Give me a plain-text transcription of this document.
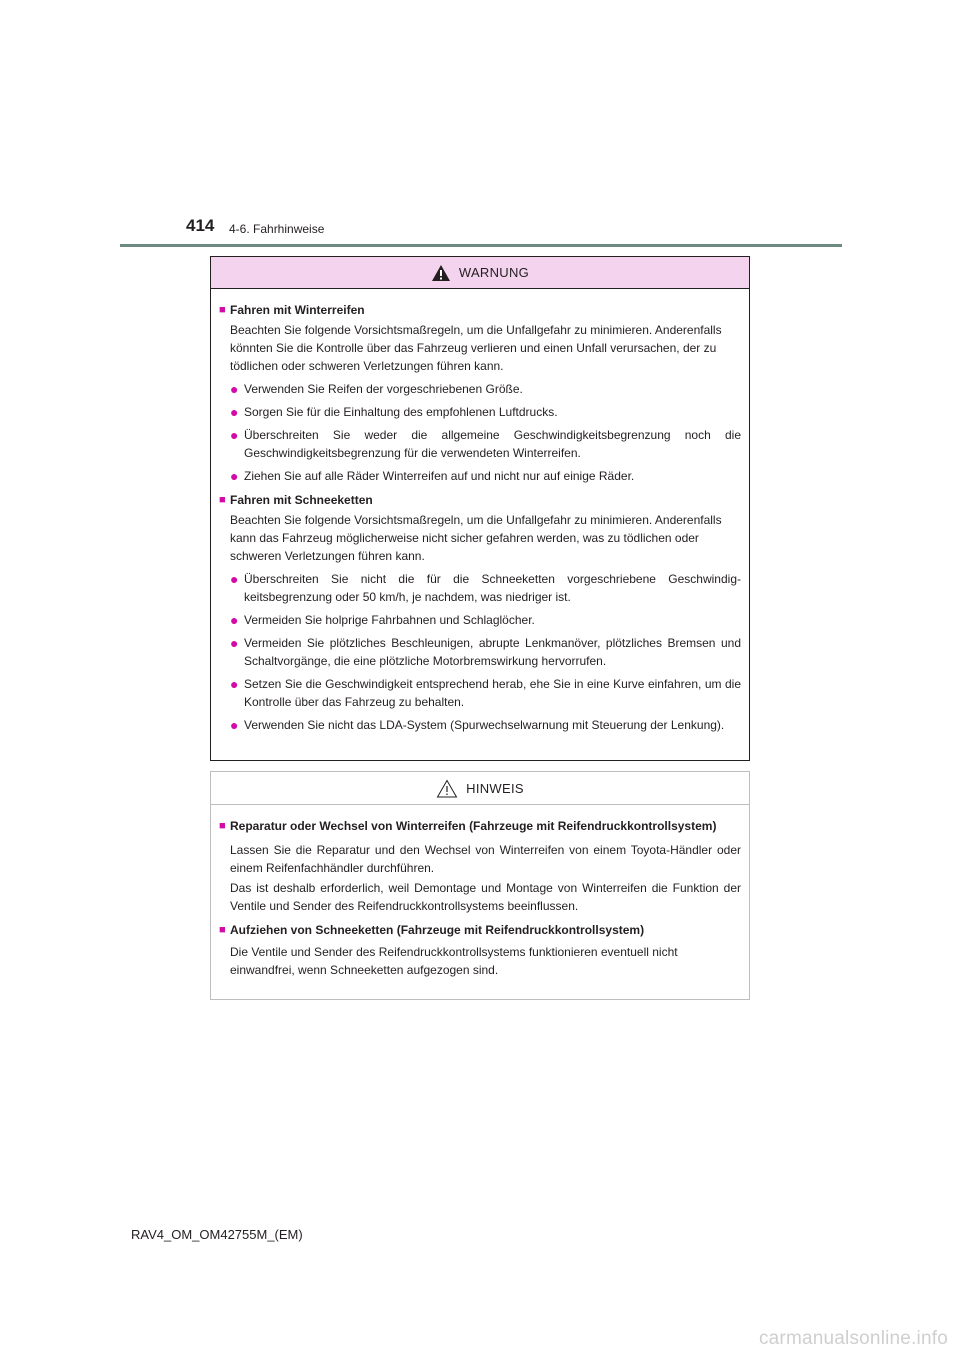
414 4-6. Fahrhinweise
WARNUNG
■ Fahren mit Winterreifen
Beachten Sie folgende Vorsichtsmaßregeln, um die Unfallgefahr zu minimieren. Anderenfalls könnten Sie die Kontrolle über das Fahrzeug verlieren und einen Unfall verursachen, der zu tödlichen oder schweren Verletzungen führen kann.
● Verwenden Sie Reifen der vorgeschriebenen Größe.
● Sorgen Sie für die Einhaltung des empfohlenen Luftdrucks.
● Überschreiten Sie weder die allgemeine Geschwindigkeitsbegrenzung noch die Geschwindigkeitsbegrenzung für die verwendeten Winterreifen.
● Ziehen Sie auf alle Räder Winterreifen auf und nicht nur auf einige Räder.
■ Fahren mit Schneeketten
Beachten Sie folgende Vorsichtsmaßregeln, um die Unfallgefahr zu minimieren. Anderenfalls kann das Fahrzeug möglicherweise nicht sicher gefahren werden, was zu tödlichen oder schweren Verletzungen führen kann.
● Überschreiten Sie nicht die für die Schneeketten vorgeschriebene Geschwindigkeitsbegrenzung oder 50 km/h, je nachdem, was niedriger ist.
● Vermeiden Sie holprige Fahrbahnen und Schlaglöcher.
● Vermeiden Sie plötzliches Beschleunigen, abrupte Lenkmanöver, plötzliches Bremsen und Schaltvorgänge, die eine plötzliche Motorbremswirkung hervorrufen.
● Setzen Sie die Geschwindigkeit entsprechend herab, ehe Sie in eine Kurve einfahren, um die Kontrolle über das Fahrzeug zu behalten.
● Verwenden Sie nicht das LDA-System (Spurwechselwarnung mit Steuerung der Lenkung).
HINWEIS
■ Reparatur oder Wechsel von Winterreifen (Fahrzeuge mit Reifendruckkontrollsystem)
Lassen Sie die Reparatur und den Wechsel von Winterreifen von einem Toyota-Händler oder einem Reifenfachhändler durchführen.
Das ist deshalb erforderlich, weil Demontage und Montage von Winterreifen die Funktion der Ventile und Sender des Reifendruckkontrollsystems beeinflussen.
■ Aufziehen von Schneeketten (Fahrzeuge mit Reifendruckkontrollsystem)
Die Ventile und Sender des Reifendruckkontrollsystems funktionieren eventuell nicht einwandfrei, wenn Schneeketten aufgezogen sind.
RAV4_OM_OM42755M_(EM)
carmanualsonline.info
